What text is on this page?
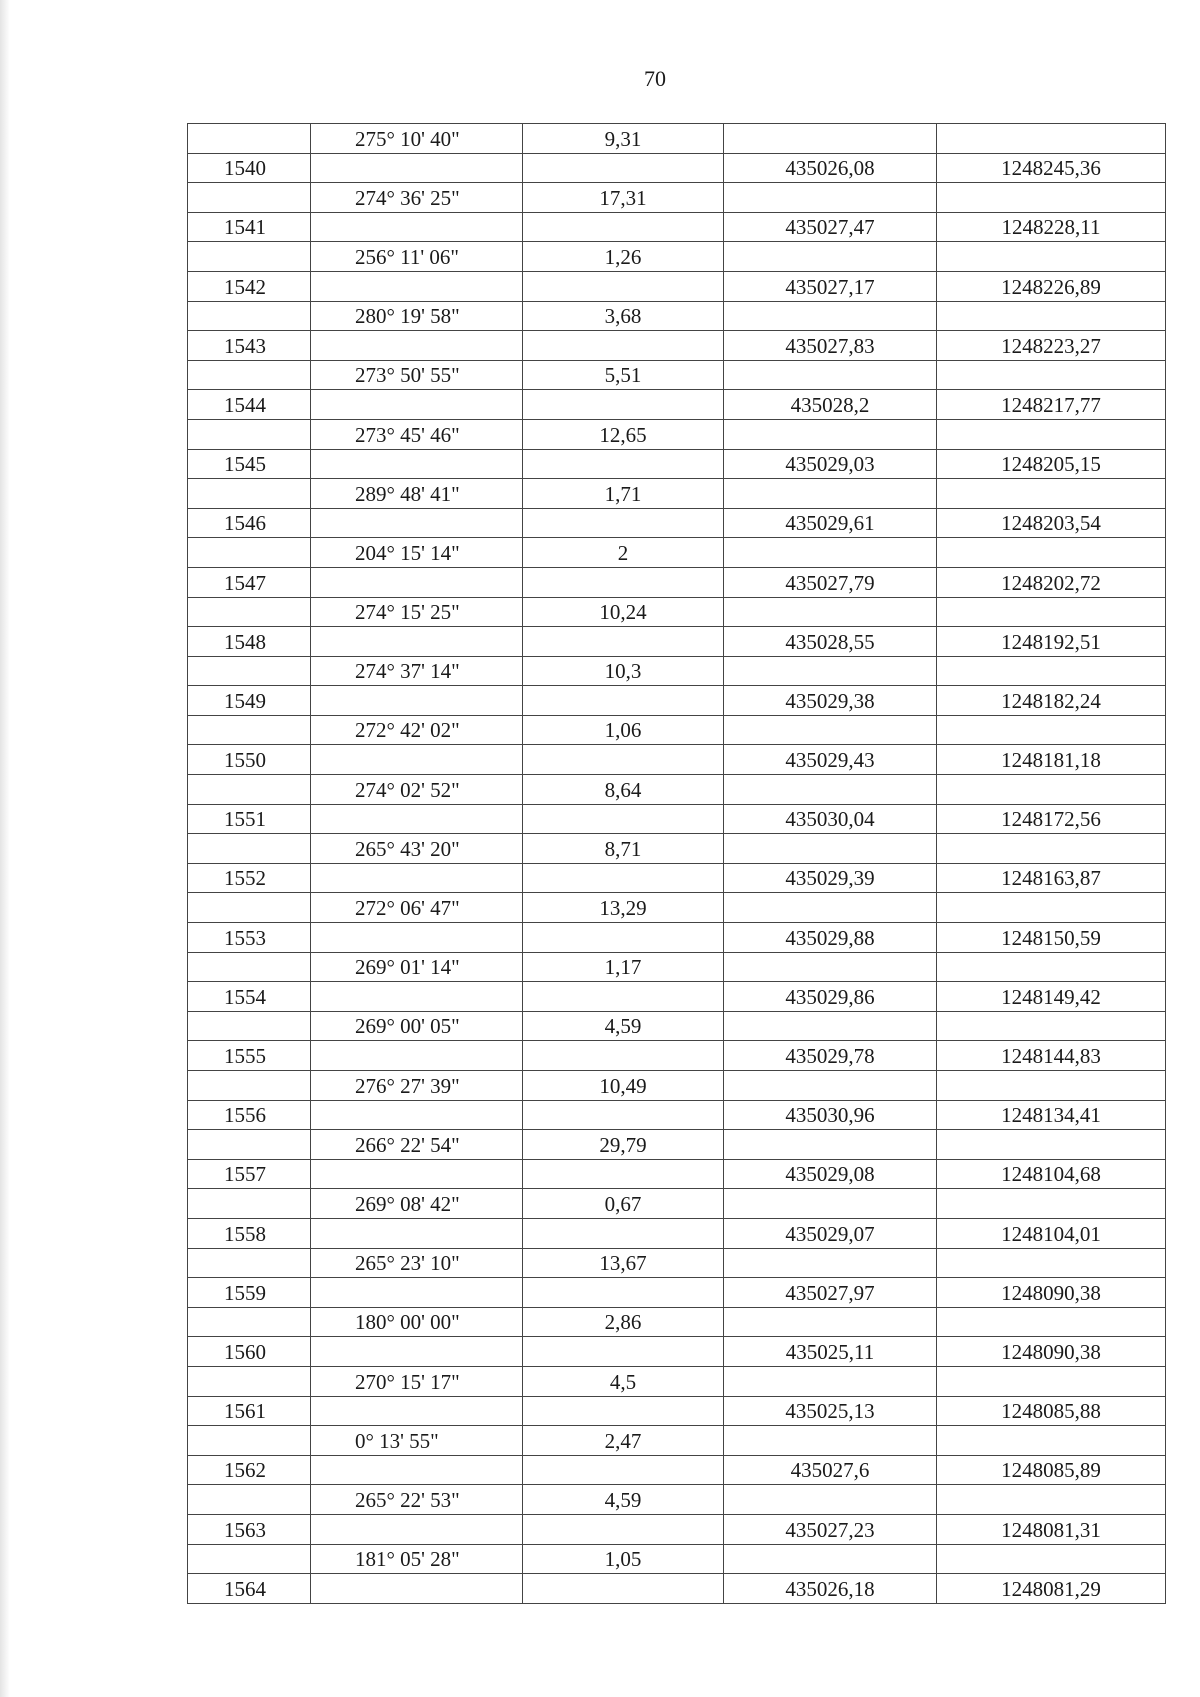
70
	275° 10' 40"	9,31		
1540			435026,08	1248245,36
	274° 36' 25"	17,31		
1541			435027,47	1248228,11
	256° 11' 06"	1,26		
1542			435027,17	1248226,89
	280° 19' 58"	3,68		
1543			435027,83	1248223,27
	273° 50' 55"	5,51		
1544			435028,2	1248217,77
	273° 45' 46"	12,65		
1545			435029,03	1248205,15
	289° 48' 41"	1,71		
1546			435029,61	1248203,54
	204° 15' 14"	2		
1547			435027,79	1248202,72
	274° 15' 25"	10,24		
1548			435028,55	1248192,51
	274° 37' 14"	10,3		
1549			435029,38	1248182,24
	272° 42' 02"	1,06		
1550			435029,43	1248181,18
	274° 02' 52"	8,64		
1551			435030,04	1248172,56
	265° 43' 20"	8,71		
1552			435029,39	1248163,87
	272° 06' 47"	13,29		
1553			435029,88	1248150,59
	269° 01' 14"	1,17		
1554			435029,86	1248149,42
	269° 00' 05"	4,59		
1555			435029,78	1248144,83
	276° 27' 39"	10,49		
1556			435030,96	1248134,41
	266° 22' 54"	29,79		
1557			435029,08	1248104,68
	269° 08' 42"	0,67		
1558			435029,07	1248104,01
	265° 23' 10"	13,67		
1559			435027,97	1248090,38
	180° 00' 00"	2,86		
1560			435025,11	1248090,38
	270° 15' 17"	4,5		
1561			435025,13	1248085,88
	0° 13' 55"	2,47		
1562			435027,6	1248085,89
	265° 22' 53"	4,59		
1563			435027,23	1248081,31
	181° 05' 28"	1,05		
1564			435026,18	1248081,29
